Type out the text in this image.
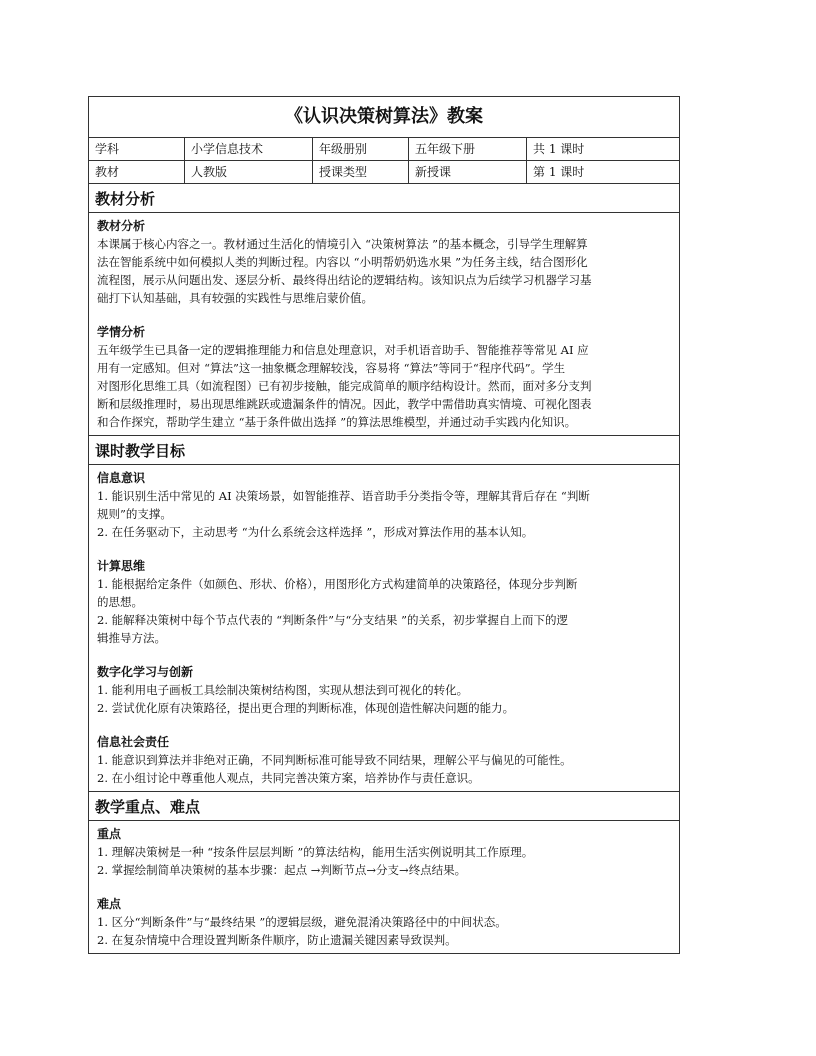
《认识决策树算法》教案
学科	小学信息技术	年级册别	五年级下册	共 1 课时
教材	人教版	授课类型	新授课	第 1 课时
教材分析
教材分析

本课属于核心内容之一。教材通过生活化的情境引入 “决策树算法 ”的基本概念，引导学生理解算

法在智能系统中如何模拟人类的判断过程。内容以 “小明帮奶奶选水果 ”为任务主线，结合图形化

流程图，展示从问题出发、逐层分析、最终得出结论的逻辑结构。该知识点为后续学习机器学习基

础打下认知基础，具有较强的实践性与思维启蒙价值。

学情分析

五年级学生已具备一定的逻辑推理能力和信息处理意识，对手机语音助手、智能推荐等常见 AI 应

用有一定感知。但对 “算法”这一抽象概念理解较浅，容易将 “算法”等同于“程序代码”。学生

对图形化思维工具（如流程图）已有初步接触，能完成简单的顺序结构设计。然而，面对多分支判

断和层级推理时，易出现思维跳跃或遗漏条件的情况。因此，教学中需借助真实情境、可视化图表

和合作探究，帮助学生建立 “基于条件做出选择 ”的算法思维模型，并通过动手实践内化知识。

课时教学目标
信息意识

1. 能识别生活中常见的 AI 决策场景，如智能推荐、语音助手分类指令等，理解其背后存在 “判断

规则”的支撑。

2. 在任务驱动下，主动思考 “为什么系统会这样选择 ”，形成对算法作用的基本认知。

计算思维

1. 能根据给定条件（如颜色、形状、价格），用图形化方式构建简单的决策路径，体现分步判断

的思想。

2. 能解释决策树中每个节点代表的 “判断条件”与“分支结果 ”的关系，初步掌握自上而下的逻

辑推导方法。

数字化学习与创新

1. 能利用电子画板工具绘制决策树结构图，实现从想法到可视化的转化。

2. 尝试优化原有决策路径，提出更合理的判断标准，体现创造性解决问题的能力。

信息社会责任

1. 能意识到算法并非绝对正确，不同判断标准可能导致不同结果，理解公平与偏见的可能性。

2. 在小组讨论中尊重他人观点，共同完善决策方案，培养协作与责任意识。

教学重点、难点
重点

1. 理解决策树是一种 “按条件层层判断 ”的算法结构，能用生活实例说明其工作原理。

2. 掌握绘制简单决策树的基本步骤：起点 →判断节点→分支→终点结果。

难点

1. 区分“判断条件”与“最终结果 ”的逻辑层级，避免混淆决策路径中的中间状态。

2. 在复杂情境中合理设置判断条件顺序，防止遗漏关键因素导致误判。
